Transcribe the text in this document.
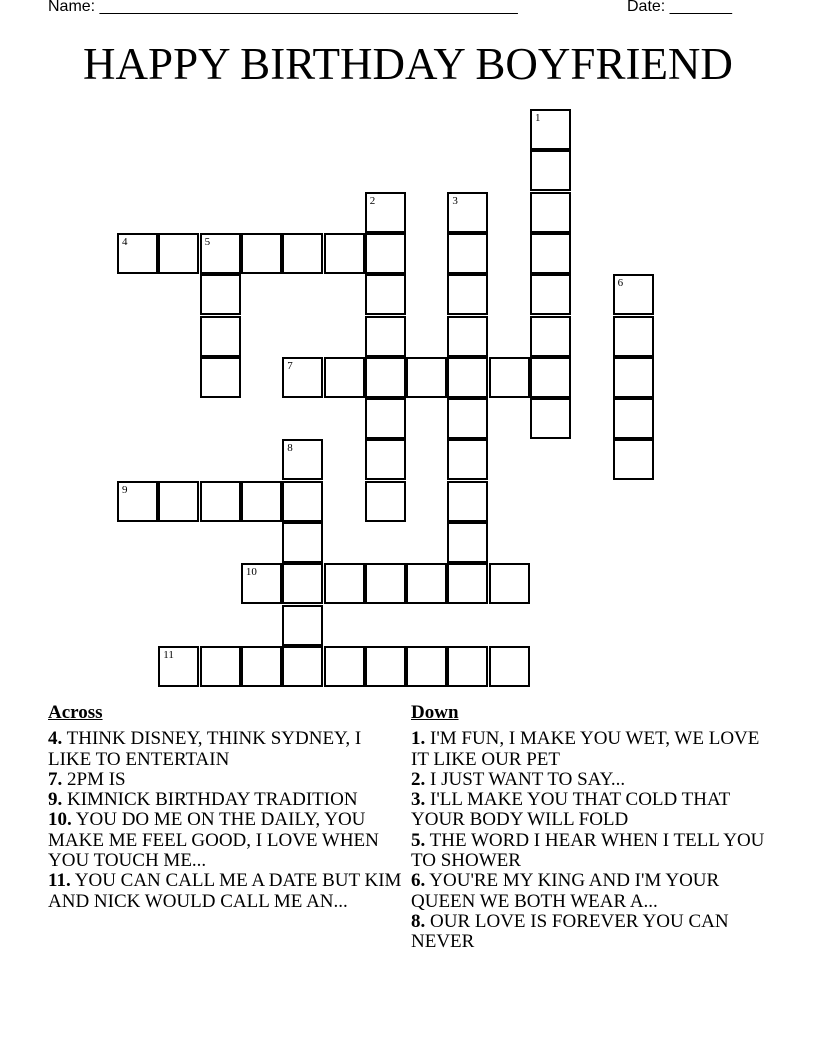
Name: _______________________________________________	Date: _______
HAPPY BIRTHDAY BOYFRIEND
1
2	3
4	5
6
7
8
9
10
11
Across
4. THINK DISNEY, THINK SYDNEY, I LIKE TO ENTERTAIN
7. 2PM IS
9. KIMNICK BIRTHDAY TRADITION
10. YOU DO ME ON THE DAILY, YOU MAKE ME FEEL GOOD, I LOVE WHEN YOU TOUCH ME...
11. YOU CAN CALL ME A DATE BUT KIM AND NICK WOULD CALL ME AN...
Down
1. I'M FUN, I MAKE YOU WET, WE LOVE IT LIKE OUR PET
2. I JUST WANT TO SAY...
3. I'LL MAKE YOU THAT COLD THAT YOUR BODY WILL FOLD
5. THE WORD I HEAR WHEN I TELL YOU TO SHOWER
6. YOU'RE MY KING AND I'M YOUR QUEEN WE BOTH WEAR A...
8. OUR LOVE IS FOREVER YOU CAN NEVER
